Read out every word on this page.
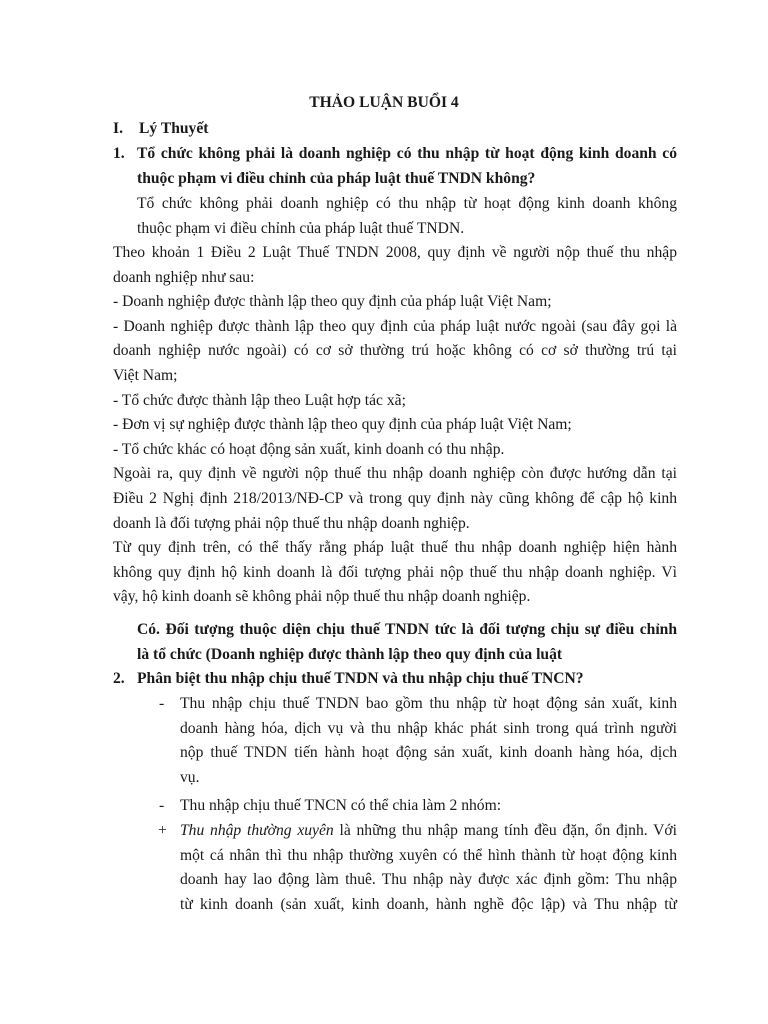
THẢO LUẬN BUỔI 4
I. Lý Thuyết
1. Tổ chức không phải là doanh nghiệp có thu nhập từ hoạt động kinh doanh có
thuộc phạm vi điều chỉnh của pháp luật thuế TNDN không?
Tổ chức không phải doanh nghiệp có thu nhập từ hoạt động kinh doanh không
thuộc phạm vi điều chỉnh của pháp luật thuế TNDN.
Theo khoản 1 Điều 2 Luật Thuế TNDN 2008, quy định về người nộp thuế thu nhập
doanh nghiệp như sau:
- Doanh nghiệp được thành lập theo quy định của pháp luật Việt Nam;
- Doanh nghiệp được thành lập theo quy định của pháp luật nước ngoài (sau đây gọi là
doanh nghiệp nước ngoài) có cơ sở thường trú hoặc không có cơ sở thường trú tại
Việt Nam;
- Tổ chức được thành lập theo Luật hợp tác xã;
- Đơn vị sự nghiệp được thành lập theo quy định của pháp luật Việt Nam;
- Tổ chức khác có hoạt động sản xuất, kinh doanh có thu nhập.
Ngoài ra, quy định về người nộp thuế thu nhập doanh nghiệp còn được hướng dẫn tại
Điều 2 Nghị định 218/2013/NĐ-CP và trong quy định này cũng không để cập hộ kinh
doanh là đối tượng phải nộp thuế thu nhập doanh nghiệp.
Từ quy định trên, có thể thấy rằng pháp luật thuế thu nhập doanh nghiệp hiện hành
không quy định hộ kinh doanh là đối tượng phải nộp thuế thu nhập doanh nghiệp. Vì
vậy, hộ kinh doanh sẽ không phải nộp thuế thu nhập doanh nghiệp.
Có. Đối tượng thuộc diện chịu thuế TNDN tức là đối tượng chịu sự điều chỉnh
là tổ chức (Doanh nghiệp được thành lập theo quy định của luật
2. Phân biệt thu nhập chịu thuế TNDN và thu nhập chịu thuế TNCN?
- Thu nhập chịu thuế TNDN bao gồm thu nhập từ hoạt động sản xuất, kinh
doanh hàng hóa, dịch vụ và thu nhập khác phát sinh trong quá trình người
nộp thuế TNDN tiến hành hoạt động sản xuất, kinh doanh hàng hóa, dịch
vụ.
- Thu nhập chịu thuế TNCN có thể chia làm 2 nhóm:
+ Thu nhập thường xuyên là những thu nhập mang tính đều đặn, ổn định. Với
một cá nhân thì thu nhập thường xuyên có thể hình thành từ hoạt động kinh
doanh hay lao động làm thuê. Thu nhập này được xác định gồm: Thu nhập
từ kinh doanh (sản xuất, kinh doanh, hành nghề độc lập) và Thu nhập từ
